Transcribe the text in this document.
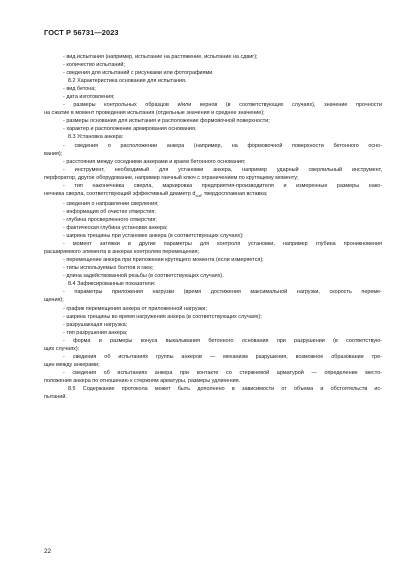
ГОСТ Р 56731—2023
- вид испытания (например, испытание на растяжение, испытание на сдвиг);
- количество испытаний;
- сведения для испытаний с рисунками или фотографиями.
8.2 Характеристика основания для испытания.
- вид бетона;
- дата изготовления;
- размеры контрольных образцов и/или кернов (в соответствующих случаях), значение прочности
на сжатие в момент проведения испытания (отдельные значения и среднее значение);
- размеры основания для испытания и расположение формовочной поверхности;
- характер и расположение армирования основания.
8.3 Установка анкера:
- сведения о расположении анкера (например, на формовочной поверхности бетонного осно-
вания);
- расстояния между соседними анкерами и краем бетонного основания;
- инструмент, необходимый для установки анкера, например ударный сверлильный инструмент,
перфоратор, другое оборудование, например гаечный ключ с ограничением по крутящему моменту;
- тип наконечника сверла, маркировка предприятия-производителя и измеренные размеры нако-
нечника сверла, соответствующий эффективный диаметр $d_{cut}$, твердосплавная вставка;
- сведения о направлении сверления;
- информация об очистке отверстия;
- глубина просверленного отверстия;
- фактическая глубина установки анкера;
- ширина трещины при установке анкера (в соответствующих случаях);
- момент затяжки и другие параметры для контроля установки, например глубина проникновения
расширяемого элемента в анкерах контролем перемещения;
- перемещение анкера при приложении крутящего момента (если измеряется);
- типы используемых болтов и гаек;
- длина задействованной резьбы (в соответствующих случаях).
8.4 Зафиксированные показатели:
- параметры приложения нагрузки (время достижения максимальной нагрузки, скорость переме-
щения);
- график перемещения анкера от приложенной нагрузки;
- ширина трещины во время нагружения анкера (в соответствующих случаях);
- разрушающая нагрузка;
- тип разрушения анкера;
- форма и размеры конуса выкалывания бетонного основания при разрушении (в соответствую-
щих случаях);
- сведения об испытаниях группы анкеров — механизм разрушения, возможное образование тре-
щин между анкерами;
- сведения об испытаниях анкера при контакте со стержневой арматурой — определение место-
положения анкера по отношению к стержням арматуры, размеры удлинения.
8.5 Содержание протокола может быть дополнено в зависимости от объема и обстоятельств ис-
пытаний.
22
